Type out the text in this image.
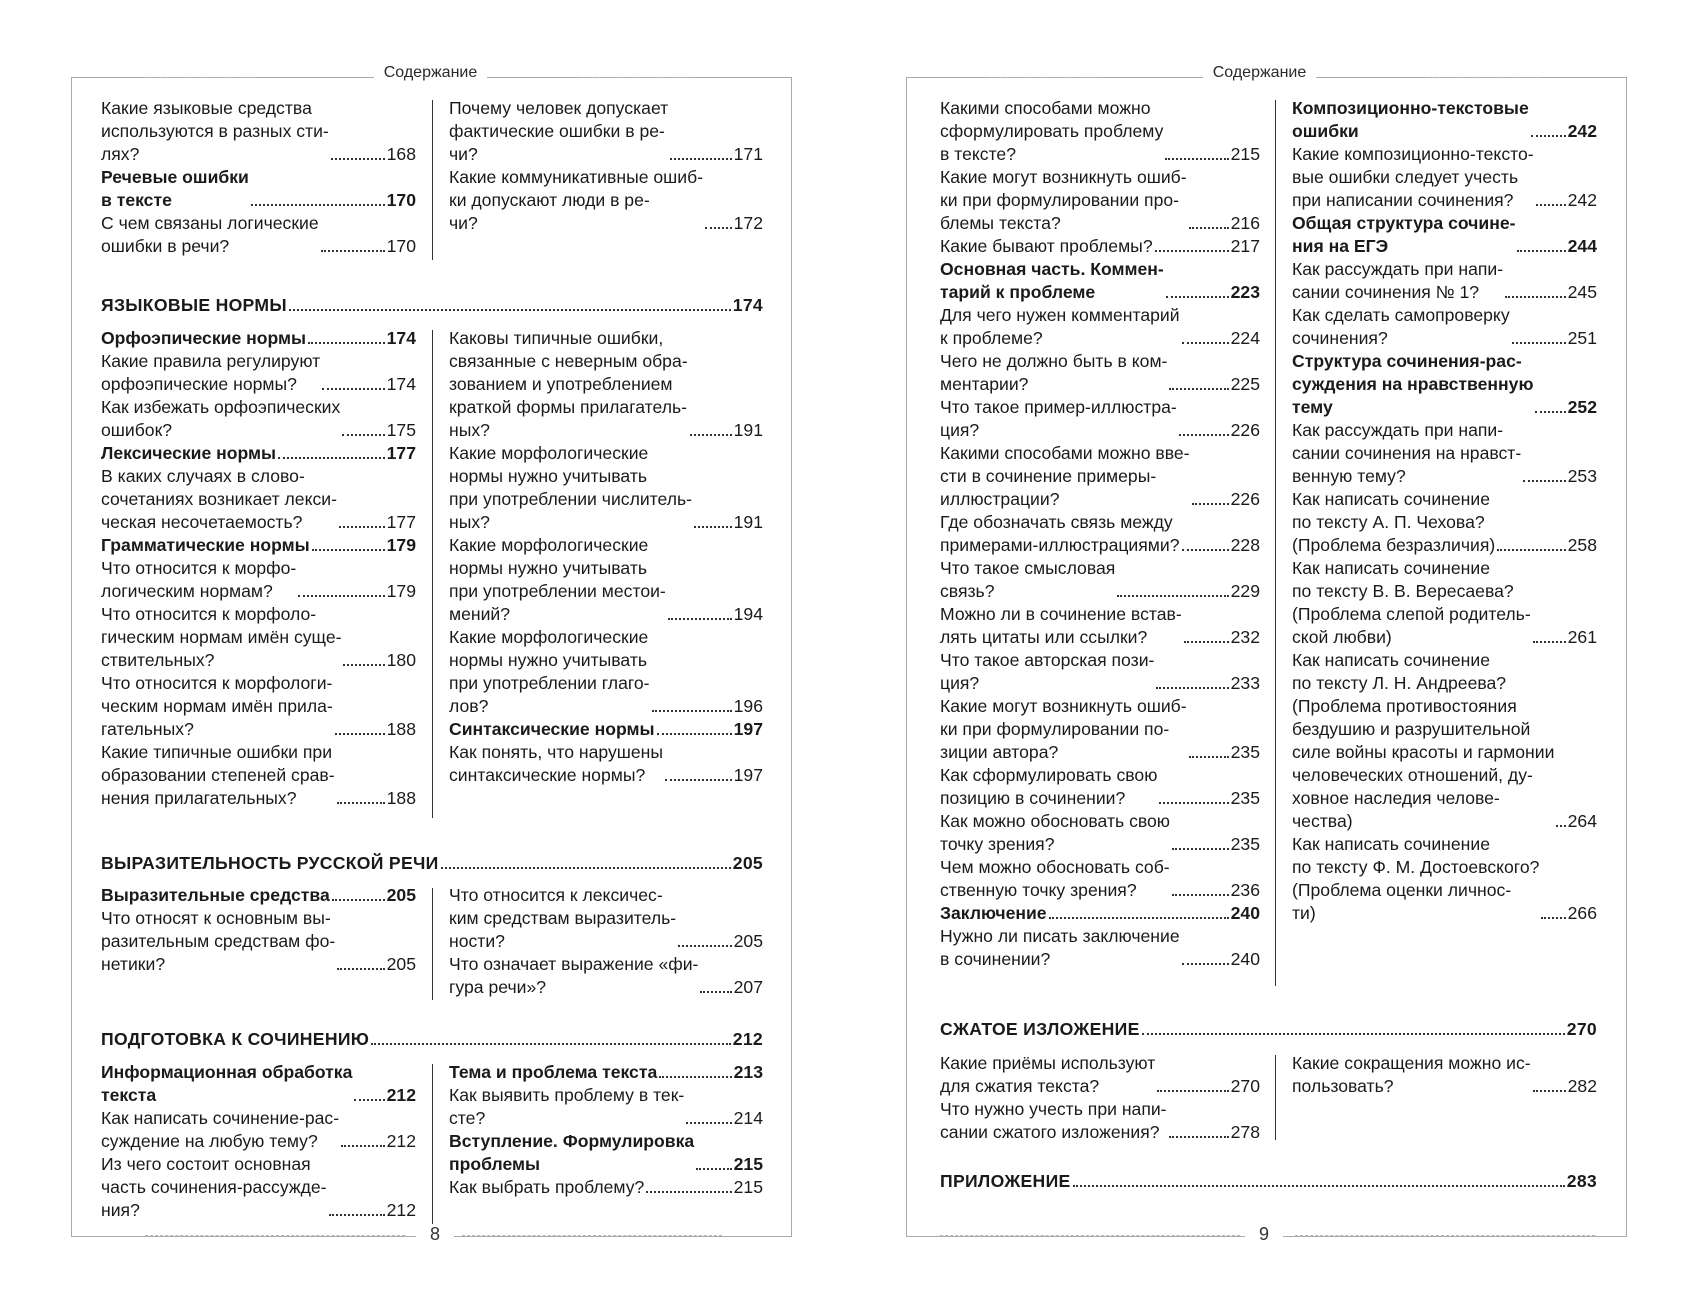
Содержание
Какие языковые средства
используются в разных сти-
лях?	168
Речевые ошибки
в тексте	170
С чем связаны логические
ошибки в речи?	170
Почему человек допускает
фактические ошибки в ре-
чи?	171
Какие коммуникативные ошиб-
ки допускают люди в ре-
чи?	172
ЯЗЫКОВЫЕ НОРМЫ	174
Орфоэпические нормы	174
Какие правила регулируют
орфоэпические нормы?	174
Как избежать орфоэпических
ошибок?	175
Лексические нормы	177
В каких случаях в слово-
сочетаниях возникает лекси-
ческая несочетаемость?	177
Грамматические нормы	179
Что относится к морфо-
логическим нормам?	179
Что относится к морфоло-
гическим нормам имён суще-
ствительных?	180
Что относится к морфологи-
ческим нормам имён прила-
гательных?	188
Какие типичные ошибки при
образовании степеней срав-
нения прилагательных?	188
Каковы типичные ошибки,
связанные с неверным обра-
зованием и употреблением
краткой формы прилагатель-
ных?	191
Какие морфологические
нормы нужно учитывать
при употреблении числитель-
ных?	191
Какие морфологические
нормы нужно учитывать
при употреблении местои-
мений?	194
Какие морфологические
нормы нужно учитывать
при употреблении глаго-
лов?	196
Синтаксические нормы	197
Как понять, что нарушены
синтаксические нормы?	197
ВЫРАЗИТЕЛЬНОСТЬ РУССКОЙ РЕЧИ	205
Выразительные средства	205
Что относят к основным вы-
разительным средствам фо-
нетики?	205
Что относится к лексичес-
ким средствам выразитель-
ности?	205
Что означает выражение «фи-
гура речи»?	207
ПОДГОТОВКА К СОЧИНЕНИЮ	212
Информационная обработка
текста	212
Как написать сочинение-рас-
суждение на любую тему?	212
Из чего состоит основная
часть сочинения-рассужде-
ния?	212
Тема и проблема текста	213
Как выявить проблему в тек-
сте?	214
Вступление. Формулировка
проблемы	215
Как выбрать проблему?	215
8
Содержание
Какими способами можно
сформулировать проблему
в тексте?	215
Какие могут возникнуть ошиб-
ки при формулировании про-
блемы текста?	216
Какие бывают проблемы?	217
Основная часть. Коммен-
тарий к проблеме	223
Для чего нужен комментарий
к проблеме?	224
Чего не должно быть в ком-
ментарии?	225
Что такое пример-иллюстра-
ция?	226
Какими способами можно вве-
сти в сочинение примеры-
иллюстрации?	226
Где обозначать связь между
примерами-иллюстрациями?	228
Что такое смысловая
связь?	229
Можно ли в сочинение встав-
лять цитаты или ссылки?	232
Что такое авторская пози-
ция?	233
Какие могут возникнуть ошиб-
ки при формулировании по-
зиции автора?	235
Как сформулировать свою
позицию в сочинении?	235
Как можно обосновать свою
точку зрения?	235
Чем можно обосновать соб-
ственную точку зрения?	236
Заключение	240
Нужно ли писать заключение
в сочинении?	240
Композиционно-текстовые
ошибки	242
Какие композиционно-тексто-
вые ошибки следует учесть
при написании сочинения?	242
Общая структура сочине-
ния на ЕГЭ	244
Как рассуждать при напи-
сании сочинения № 1?	245
Как сделать самопроверку
сочинения?	251
Структура сочинения-рас-
суждения на нравственную
тему	252
Как рассуждать при напи-
сании сочинения на нравст-
венную тему?	253
Как написать сочинение
по тексту А. П. Чехова?
(Проблема безразличия)	258
Как написать сочинение
по тексту В. В. Вересаева?
(Проблема слепой родитель-
ской любви)	261
Как написать сочинение
по тексту Л. Н. Андреева?
(Проблема противостояния
бездушию и разрушительной
силе войны красоты и гармонии
человеческих отношений, ду-
ховное наследия челове-
чества)	264
Как написать сочинение
по тексту Ф. М. Достоевского?
(Проблема оценки личнос-
ти)	266
СЖАТОЕ ИЗЛОЖЕНИЕ	270
Какие приёмы используют
для сжатия текста?	270
Что нужно учесть при напи-
сании сжатого изложения?	278
Какие сокращения можно ис-
пользовать?	282
ПРИЛОЖЕНИЕ	283
9
